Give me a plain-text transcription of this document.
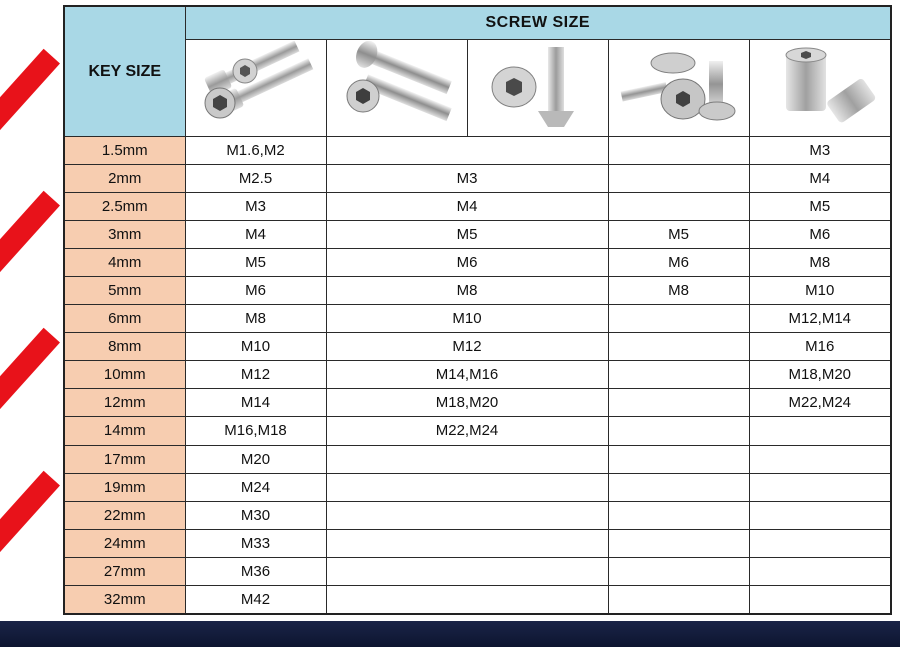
KEY SIZE	SCREW SIZE				

1.5mm	M1.6,M2				M3
2mm	M2.5	M3			M4
2.5mm	M3	M4			M5
3mm	M4	M5		M5	M6
4mm	M5	M6		M6	M8
5mm	M6	M8		M8	M10
6mm	M8	M10			M12,M14
8mm	M10	M12			M16
10mm	M12	M14,M16			M18,M20
12mm	M14	M18,M20			M22,M24
14mm	M16,M18	M22,M24			
17mm	M20				
19mm	M24				
22mm	M30				
24mm	M33				
27mm	M36				
32mm	M42				
